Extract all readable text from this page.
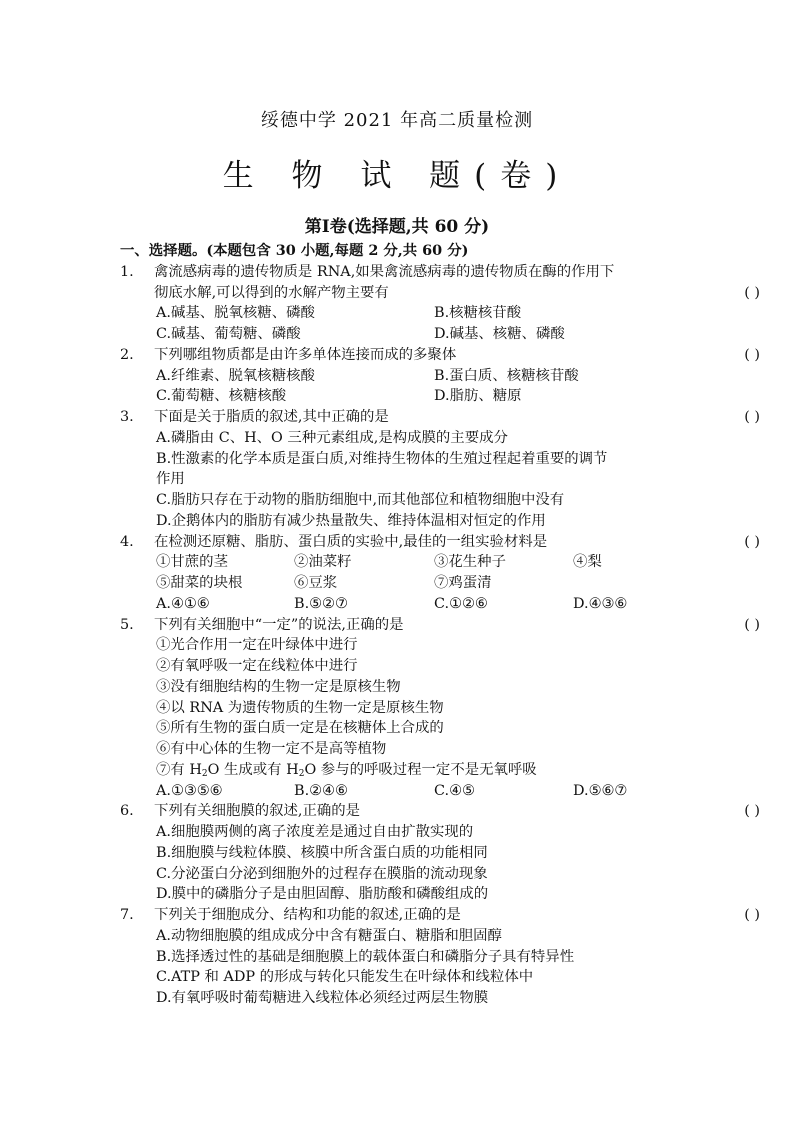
绥德中学 2021 年高二质量检测
生 物 试 题(卷)
第Ⅰ卷(选择题,共 60 分)
一、选择题。(本题包含 30 小题,每题 2 分,共 60 分)
1.	禽流感病毒的遗传物质是 RNA,如果禽流感病毒的遗传物质在酶的作用下
彻底水解,可以得到的水解产物主要有	( )
A.碱基、脱氧核糖、磷酸	B.核糖核苷酸
C.碱基、葡萄糖、磷酸	D.碱基、核糖、磷酸
2.	下列哪组物质都是由许多单体连接而成的多聚体	( )
A.纤维素、脱氧核糖核酸	B.蛋白质、核糖核苷酸
C.葡萄糖、核糖核酸	D.脂肪、糖原
3.	下面是关于脂质的叙述,其中正确的是	( )
A.磷脂由 C、H、O 三种元素组成,是构成膜的主要成分
B.性激素的化学本质是蛋白质,对维持生物体的生殖过程起着重要的调节
作用
C.脂肪只存在于动物的脂肪细胞中,而其他部位和植物细胞中没有
D.企鹅体内的脂肪有减少热量散失、维持体温相对恒定的作用
4.	在检测还原糖、脂肪、蛋白质的实验中,最佳的一组实验材料是	( )
①甘蔗的茎	②油菜籽	③花生种子	④梨
⑤甜菜的块根	⑥豆浆	⑦鸡蛋清
A.④①⑥	B.⑤②⑦	C.①②⑥	D.④③⑥
5.	下列有关细胞中“一定”的说法,正确的是	( )
①光合作用一定在叶绿体中进行
②有氧呼吸一定在线粒体中进行
③没有细胞结构的生物一定是原核生物
④以 RNA 为遗传物质的生物一定是原核生物
⑤所有生物的蛋白质一定是在核糖体上合成的
⑥有中心体的生物一定不是高等植物
⑦有 $H_2O$ 生成或有 $H_2O$ 参与的呼吸过程一定不是无氧呼吸
A.①③⑤⑥	B.②④⑥	C.④⑤	D.⑤⑥⑦
6.	下列有关细胞膜的叙述,正确的是	( )
A.细胞膜两侧的离子浓度差是通过自由扩散实现的
B.细胞膜与线粒体膜、核膜中所含蛋白质的功能相同
C.分泌蛋白分泌到细胞外的过程存在膜脂的流动现象
D.膜中的磷脂分子是由胆固醇、脂肪酸和磷酸组成的
7.	下列关于细胞成分、结构和功能的叙述,正确的是	( )
A.动物细胞膜的组成成分中含有糖蛋白、糖脂和胆固醇
B.选择透过性的基础是细胞膜上的载体蛋白和磷脂分子具有特异性
C.ATP 和 ADP 的形成与转化只能发生在叶绿体和线粒体中
D.有氧呼吸时葡萄糖进入线粒体必须经过两层生物膜
